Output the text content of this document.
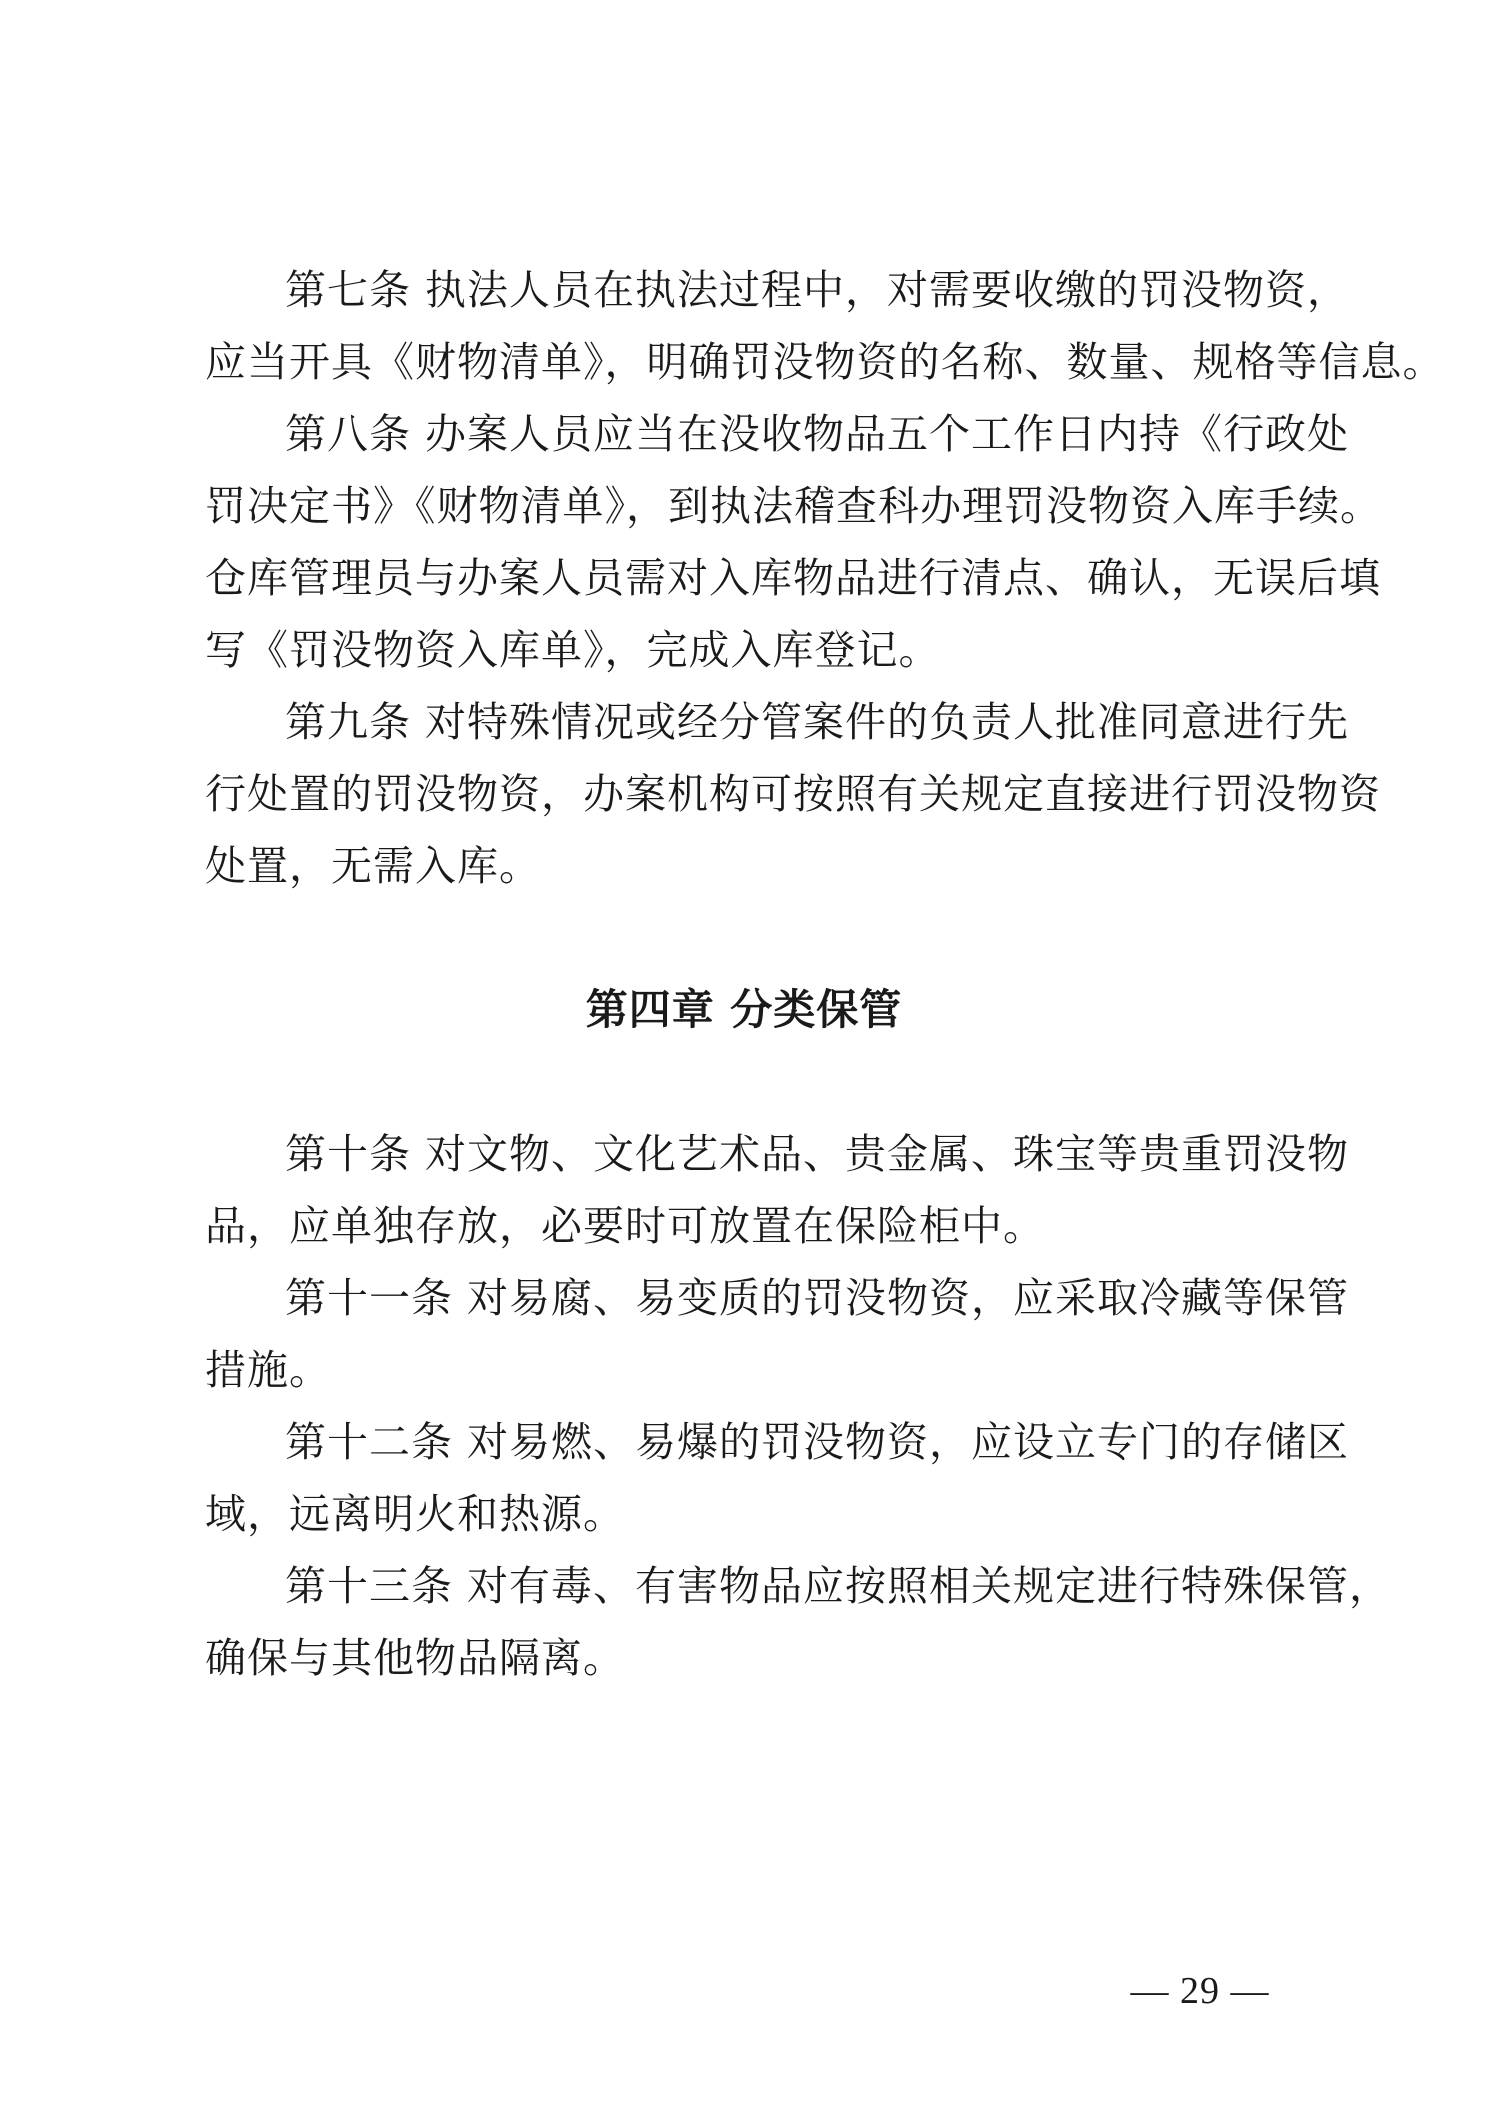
第七条 执法人员在执法过程中，对需要收缴的罚没物资，
应当开具《财物清单》，明确罚没物资的名称、数量、规格等信息。
第八条 办案人员应当在没收物品五个工作日内持《行政处
罚决定书》《财物清单》，到执法稽查科办理罚没物资入库手续。
仓库管理员与办案人员需对入库物品进行清点、确认，无误后填
写《罚没物资入库单》，完成入库登记。
第九条 对特殊情况或经分管案件的负责人批准同意进行先
行处置的罚没物资，办案机构可按照有关规定直接进行罚没物资
处置，无需入库。
第四章 分类保管
第十条 对文物、文化艺术品、贵金属、珠宝等贵重罚没物
品，应单独存放，必要时可放置在保险柜中。
第十一条 对易腐、易变质的罚没物资，应采取冷藏等保管
措施。
第十二条 对易燃、易爆的罚没物资，应设立专门的存储区
域，远离明火和热源。
第十三条 对有毒、有害物品应按照相关规定进行特殊保管，
确保与其他物品隔离。
— 29 —
